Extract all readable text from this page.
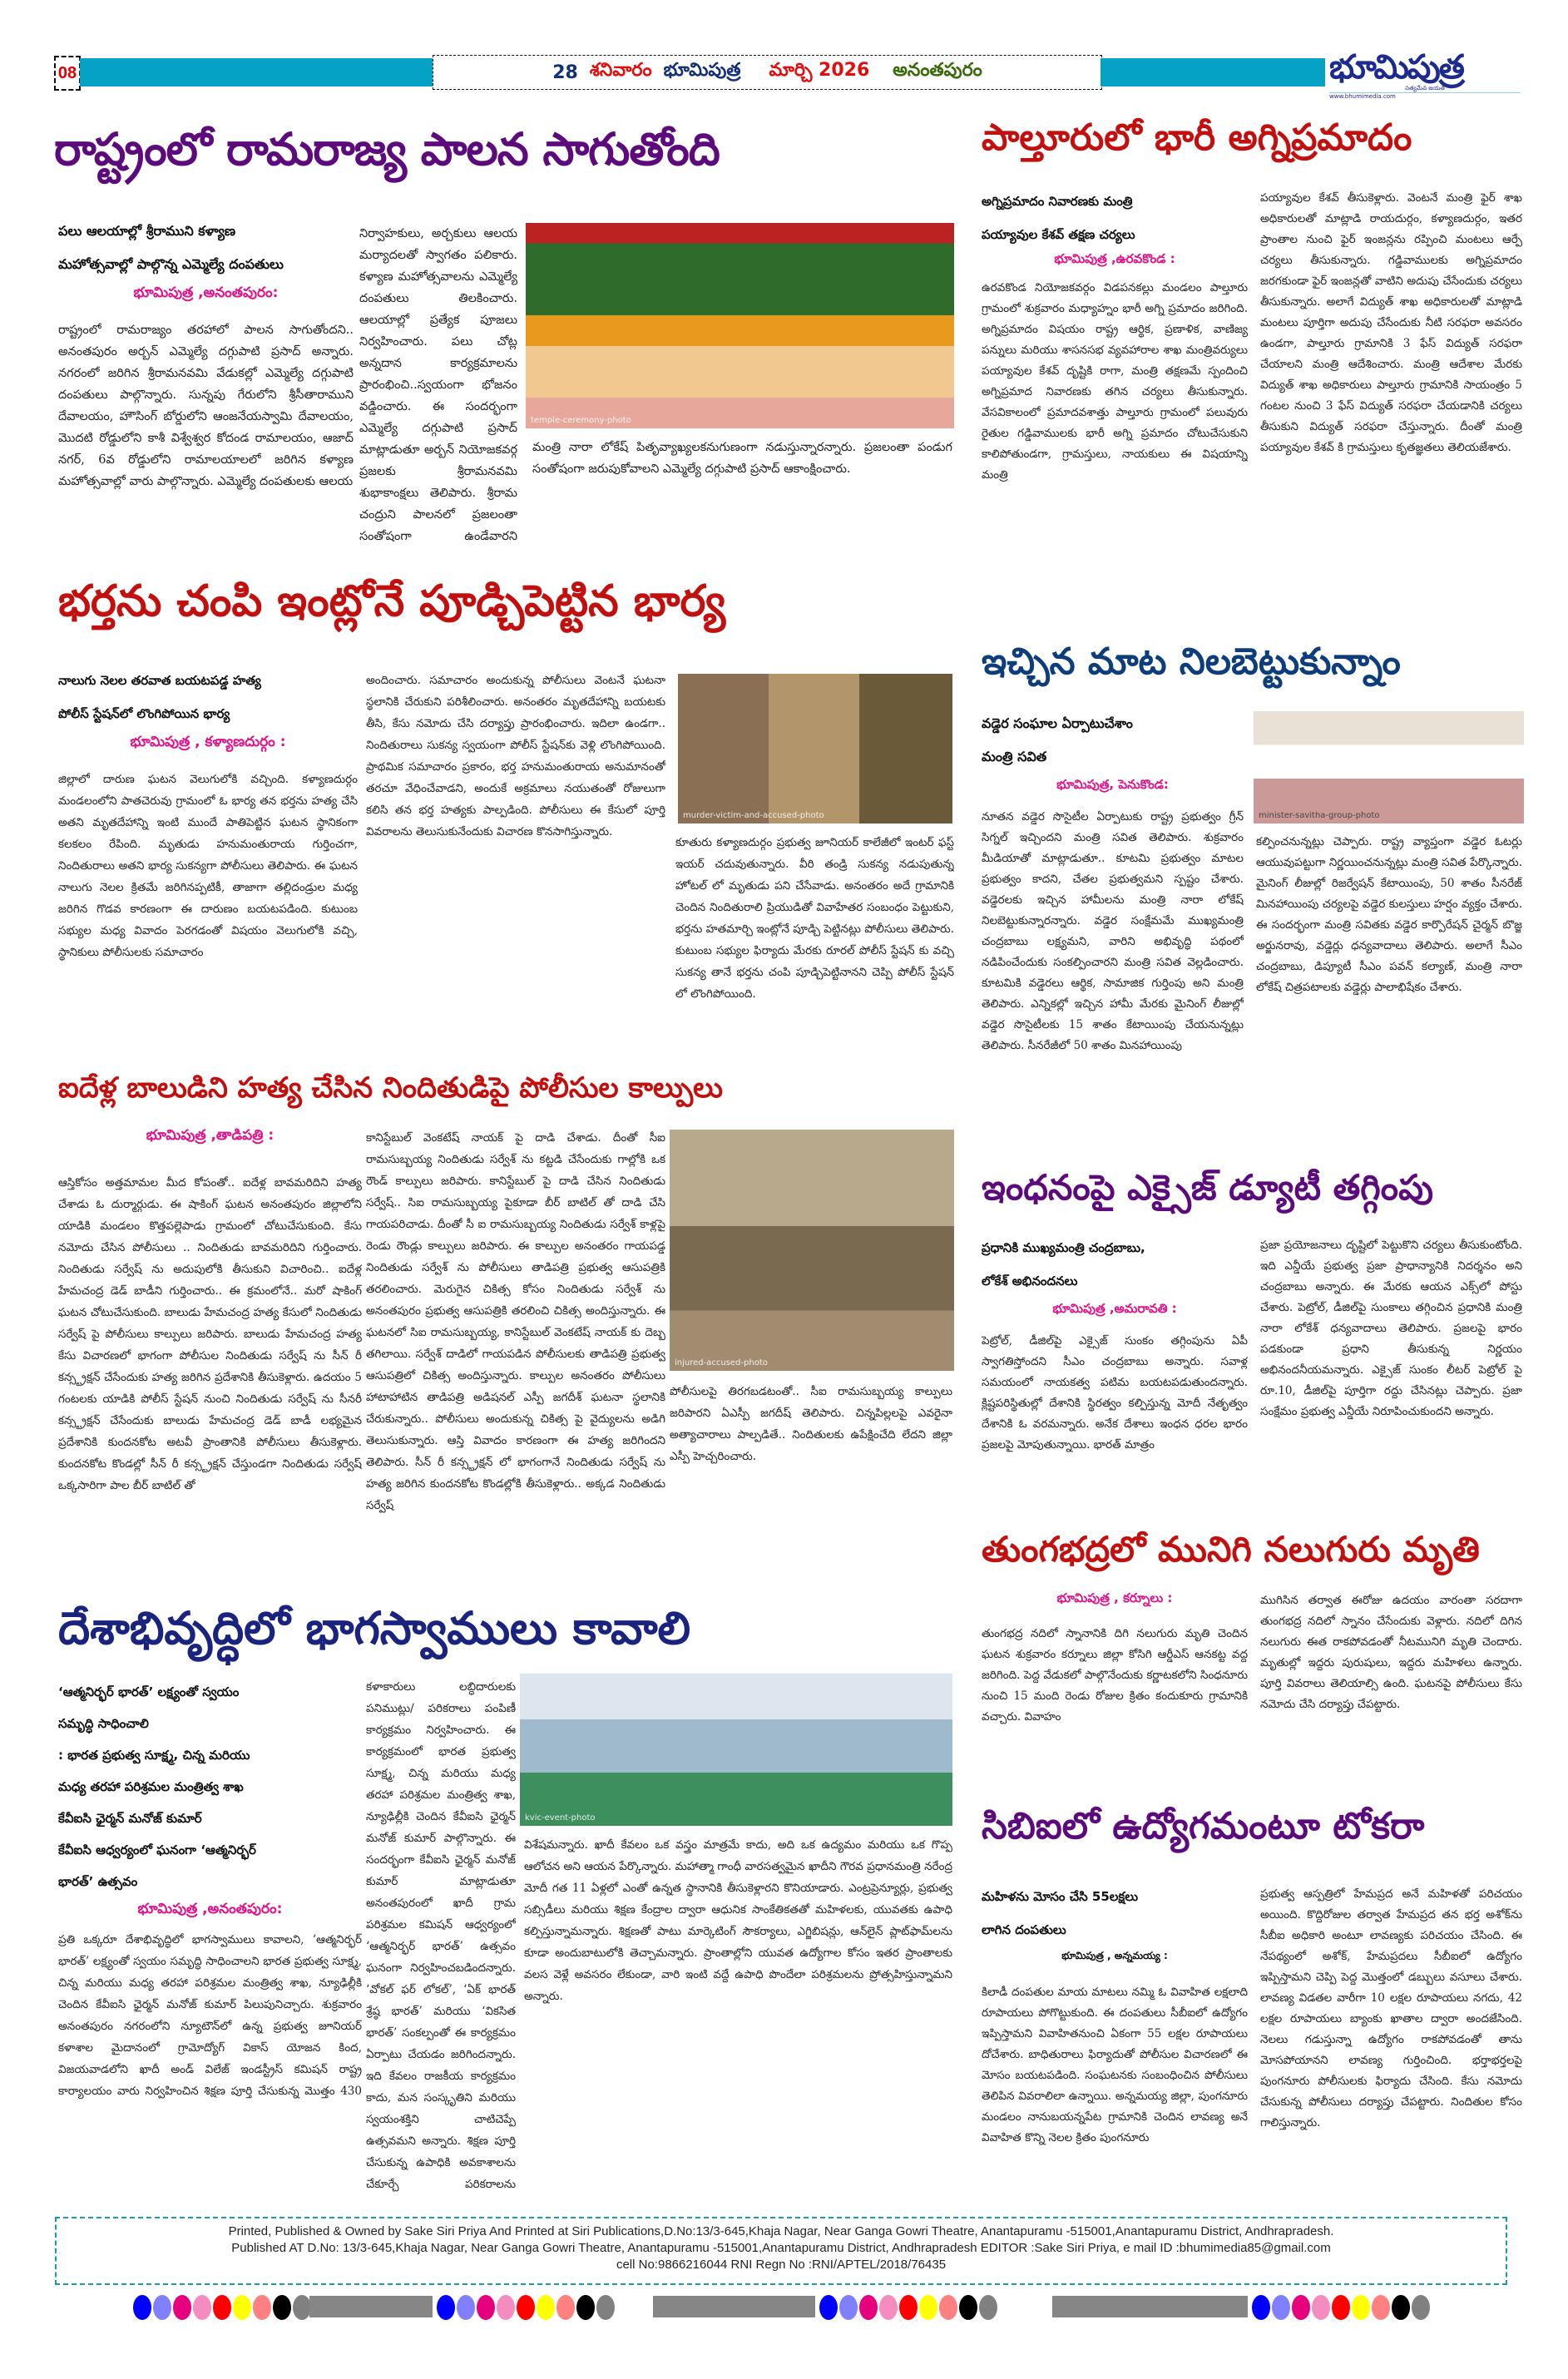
08	28 శనివారం భూమిపుత్ర మార్చి 2026 అనంతపురం	భూమిపుత్ర
సత్యమేవ జయతే
www.bhumimedia.com
రాష్ట్రంలో రామరాజ్య పాలన సాగుతోంది
పలు ఆలయాల్లో శ్రీరాముని కళ్యాణ
మహోత్సవాల్లో పాల్గొన్న ఎమ్మెల్యే దంపతులు
భూమిపుత్ర ,అనంతపురం:
రాష్ట్రంలో రామరాజ్యం తరహాలో పాలన సాగుతోందని.. అనంతపురం అర్బన్ ఎమ్మెల్యే దగ్గుపాటి ప్రసాద్ అన్నారు. నగరంలో జరిగిన శ్రీరామనవమి వేడుకల్లో ఎమ్మెల్యే దగ్గుపాటి దంపతులు పాల్గొన్నారు. సున్నపు గేరులోని శ్రీసీతారాముని దేవాలయం, హౌసింగ్ బోర్డులోని ఆంజనేయస్వామి దేవాలయం, మొదటి రోడ్డులోని కాశీ విశ్వేశ్వర కోదండ రామాలయం, ఆజాద్ నగర్, 6వ రోడ్డులోని రామాలయాలలో జరిగిన కళ్యాణ మహోత్సవాల్లో వారు పాల్గొన్నారు. ఎమ్మెల్యే దంపతులకు ఆలయ
నిర్వాహకులు, అర్చకులు ఆలయ మర్యాదలతో స్వాగతం పలికారు. కళ్యాణ మహోత్సవాలను ఎమ్మెల్యే దంపతులు తిలకించారు. ఆలయాల్లో ప్రత్యేక పూజలు నిర్వహించారు. పలు చోట్ల అన్నదాన కార్యక్రమాలను ప్రారంభించి..స్వయంగా భోజనం వడ్డించారు. ఈ సందర్భంగా ఎమ్మెల్యే దగ్గుపాటి ప్రసాద్ మాట్లాడుతూ అర్బన్ నియోజకవర్గ ప్రజలకు శ్రీరామనవమి శుభాకాంక్షలు తెలిపారు. శ్రీరామ చంద్రుని పాలనలో ప్రజలంతా సంతోషంగా ఉండేవారని
temple-ceremony-photo
మంత్రి నారా లోకేష్ పితృవ్యాఖ్యలకనుగుణంగా నడుస్తున్నారన్నారు. ప్రజలంతా పండుగ సంతోషంగా జరుపుకోవాలని ఎమ్మెల్యే దగ్గుపాటి ప్రసాద్ ఆకాంక్షించారు.
పాల్తూరులో భారీ అగ్నిప్రమాదం
అగ్నిప్రమాదం నివారణకు మంత్రి
పయ్యావుల కేశవ్ తక్షణ చర్యలు
భూమిపుత్ర ,ఉరవకొండ :
ఉరవకొండ నియోజకవర్గం విడపనకల్లు మండలం పాల్తూరు గ్రామంలో శుక్రవారం మధ్యాహ్నం భారీ అగ్ని ప్రమాదం జరిగింది. అగ్నిప్రమాదం విషయం రాష్ట్ర ఆర్థిక, ప్రణాళిక, వాణిజ్య పన్నులు మరియు శాసనసభ వ్యవహారాల శాఖ మంత్రివర్యులు పయ్యావుల కేశవ్ దృష్టికి రాగా, మంత్రి తక్షణమే స్పందించి అగ్నిప్రమాద నివారణకు తగిన చర్యలు తీసుకున్నారు. వేసవికాలంలో ప్రమాదవశాత్తు పాల్తూరు గ్రామంలో పలువురు రైతుల గడ్డివాములకు భారీ అగ్ని ప్రమాదం చోటుచేసుకుని కాలిపోతుండగా, గ్రామస్తులు, నాయకులు ఈ విషయాన్ని మంత్రి
పయ్యావుల కేశవ్ తీసుకెళ్లారు. వెంటనే మంత్రి ఫైర్ శాఖ అధికారులతో మాట్లాడి రాయదుర్గం, కళ్యాణదుర్గం, ఇతర ప్రాంతాల నుంచి ఫైర్ ఇంజన్లను రప్పించి మంటలు ఆర్పే చర్యలు తీసుకున్నారు. గడ్డివాములకు అగ్నిప్రమాదం జరగకుండా ఫైర్ ఇంజన్లతో వాటిని అదుపు చేసేందుకు చర్యలు తీసుకున్నారు. అలాగే విద్యుత్ శాఖ అధికారులతో మాట్లాడి మంటలు పూర్తిగా అదుపు చేసేందుకు నీటి సరఫరా అవసరం ఉండగా, పాల్తూరు గ్రామానికి 3 ఫేస్ విద్యుత్ సరఫరా చేయాలని మంత్రి ఆదేశించారు. మంత్రి ఆదేశాల మేరకు విద్యుత్ శాఖ అధికారులు పాల్తూరు గ్రామానికి సాయంత్రం 5 గంటల నుంచి 3 ఫేస్ విద్యుత్ సరఫరా చేయడానికి చర్యలు తీసుకుని విద్యుత్ సరఫరా చేస్తున్నారు. దీంతో మంత్రి పయ్యావుల కేశవ్ కి గ్రామస్తులు కృతజ్ఞతలు తెలియజేశారు.
భర్తను చంపి ఇంట్లోనే పూడ్చిపెట్టిన భార్య
నాలుగు నెలల తరవాత బయటపడ్డ హత్య
పోలీస్ స్టేషన్‌లో లొంగిపోయిన భార్య
భూమిపుత్ర , కళ్యాణదుర్గం :
జిల్లాలో దారుణ ఘటన వెలుగులోకి వచ్చింది. కళ్యాణదుర్గం మండలంలోని పాతచెరువు గ్రామంలో ఓ భార్య తన భర్తను హత్య చేసి అతని మృతదేహాన్ని ఇంటి ముందే పాతిపెట్టిన ఘటన స్థానికంగా కలకలం రేపింది. మృతుడు హనుమంతురాయ గుర్తించగా, నిందితురాలు అతని భార్య సుకన్యగా పోలీసులు తెలిపారు. ఈ ఘటన నాలుగు నెలల క్రితమే జరిగినప్పటికీ, తాజాగా తల్లిదండ్రుల మధ్య జరిగిన గొడవ కారణంగా ఈ దారుణం బయటపడింది. కుటుంబ సభ్యుల మధ్య వివాదం పెరగడంతో విషయం వెలుగులోకి వచ్చి, స్థానికులు పోలీసులకు సమాచారం
అందించారు. సమాచారం అందుకున్న పోలీసులు వెంటనే ఘటనా స్థలానికి చేరుకుని పరిశీలించారు. అనంతరం మృతదేహాన్ని బయటకు తీసి, కేసు నమోదు చేసి దర్యాప్తు ప్రారంభించారు. ఇదిలా ఉండగా.. నిందితురాలు సుకన్య స్వయంగా పోలీస్ స్టేషన్‌కు వెళ్లి లొంగిపోయింది. ప్రాథమిక సమాచారం ప్రకారం, భర్త హనుమంతురాయ అనుమానంతో తరచూ వేధించేవాడని, అందుకే అక్రమాలు నయుతంతో రోజులుగా కలిసి తన భర్త హత్యకు పాల్పడింది. పోలీసులు ఈ కేసులో పూర్తి వివరాలను తెలుసుకునేందుకు విచారణ కొనసాగిస్తున్నారు.
murder-victim-and-accused-photo
కూతురు కళ్యాణదుర్గం ప్రభుత్వ జూనియర్ కాలేజీలో ఇంటర్ ఫస్ట్ ఇయర్ చదువుతున్నారు. వీరి తండ్రి సుకన్య నడుపుతున్న హోటల్ లో మృతుడు పని చేసేవాడు. అనంతరం అదే గ్రామానికి చెందిన నిందితురాలి ప్రియుడితో వివాహేతర సంబంధం పెట్టుకుని, భర్తను హతమార్చి ఇంట్లోనే పూడ్చి పెట్టినట్లు పోలీసులు తెలిపారు. కుటుంబ సభ్యుల ఫిర్యాదు మేరకు రూరల్ పోలీస్ స్టేషన్ కు వచ్చి సుకన్య తానే భర్తను చంపి పూడ్చిపెట్టినానని చెప్పి పోలీస్ స్టేషన్ లో లొంగిపోయింది.
ఇచ్చిన మాట నిలబెట్టుకున్నాం
వడ్డెర సంఘాల ఏర్పాటుచేశాం
మంత్రి సవిత
భూమిపుత్ర, పెనుకొండ:
నూతన వడ్డెర సొసైటీల ఏర్పాటుకు రాష్ట్ర ప్రభుత్వం గ్రీన్ సిగ్నల్ ఇచ్చిందని మంత్రి సవిత తెలిపారు. శుక్రవారం మీడియాతో మాట్లాడుతూ.. కూటమి ప్రభుత్వం మాటల ప్రభుత్వం కాదని, చేతల ప్రభుత్వమని స్పష్టం చేశారు. వడ్డెరలకు ఇచ్చిన హామీలను మంత్రి నారా లోకేష్ నిలబెట్టుకున్నారన్నారు. వడ్డెర సంక్షేమమే ముఖ్యమంత్రి చంద్రబాబు లక్ష్యమని, వారిని అభివృద్ధి పథంలో నడిపించేందుకు సంకల్పించారని మంత్రి సవిత వెల్లడించారు. కూటమికి వడ్డెరలు ఆర్థిక, సామాజిక గుర్తింపు అని మంత్రి తెలిపారు. ఎన్నికల్లో ఇచ్చిన హామీ మేరకు మైనింగ్ లీజుల్లో వడ్డెర సొసైటీలకు 15 శాతం కేటాయింపు చేయనున్నట్లు తెలిపారు. సీనరేజీలో 50 శాతం మినహాయింపు
minister-savitha-group-photo
కల్పించనున్నట్లు చెప్పారు. రాష్ట్ర వ్యాప్తంగా వడ్డెర ఓటర్లు ఆయువుపట్టుగా నిర్ణయించనున్నట్లు మంత్రి సవిత పేర్కొన్నారు. మైనింగ్ లీజుల్లో రిజర్వేషన్ కేటాయింపు, 50 శాతం సీనరేజ్ మినహాయింపు చర్యలపై వడ్డెర కులస్తులు హర్షం వ్యక్తం చేశారు. ఈ సందర్భంగా మంత్రి సవితకు వడ్డెర కార్పొరేషన్ చైర్మన్ బొజ్జ అర్జునరావు, వడ్డెర్లు ధన్యవాదాలు తెలిపారు. అలాగే సీఎం చంద్రబాబు, డిప్యూటీ సీఎం పవన్ కల్యాణ్, మంత్రి నారా లోకేష్ చిత్రపటాలకు వడ్డెర్లు పాలాభిషేకం చేశారు.
ఐదేళ్ల బాలుడిని హత్య చేసిన నిందితుడిపై పోలీసుల కాల్పులు
భూమిపుత్ర ,తాడిపత్రి :
ఆస్తికోసం అత్తమామల మీద కోపంతో.. ఐదేళ్ల బావమరిదిని హత్య చేశాడు ఓ దుర్మార్గుడు. ఈ షాకింగ్ ఘటన అనంతపురం జిల్లాలోని యాడికి మండలం కొత్తపల్లెపాడు గ్రామంలో చోటుచేసుకుంది. కేసు నమోదు చేసిన పోలీసులు .. నిందితుడు బావమరిదిని గుర్తించారు. నిందితుడు సర్వేష్ ను అదుపులోకి తీసుకుని విచారించి.. ఐదేళ్ల హేమచంద్ర డెడ్ బాడీని గుర్తించారు.. ఈ క్రమంలోనే.. మరో షాకింగ్ ఘటన చోటుచేసుకుంది. బాలుడు హేమచంద్ర హత్య కేసులో నిందితుడు సర్వేష్ పై పోలీసులు కాల్పులు జరిపారు. బాలుడు హేమచంద్ర హత్య కేసు విచారణలో భాగంగా పోలీసుల నిందితుడు సర్వేష్ ను సీన్ రీ కన్స్ట్రక్షన్ చేసేందుకు హత్య జరిగిన ప్రదేశానికి తీసుకెళ్లారు. ఉదయం 5 గంటలకు యాడికి పోలీస్ స్టేషన్ నుంచి నిందితుడు సర్వేష్ ను సీనరీ కన్స్ట్రక్షన్ చేసేందుకు బాలుడు హేమచంద్ర డెడ్ బాడీ లభ్యమైన ప్రదేశానికి కుందనకోట అటవీ ప్రాంతానికి పోలీసులు తీసుకెళ్లారు. కుందనకోట కొండల్లో సీన్ రీ కన్స్ట్రక్షన్ చేస్తుండగా నిందితుడు సర్వేష్ ఒక్కసారిగా పాల బీర్ బాటిల్ తో
కానిస్టేబుల్ వెంకటేష్ నాయక్ పై దాడి చేశాడు. దీంతో సీఐ రామసుబ్బయ్య నిందితుడు సర్వేశ్ ను కట్టడి చేసేందుకు గాల్లోకి ఒక రౌండ్ కాల్పులు జరిపారు. కానిస్టేబుల్ పై దాడి చేసిన నిందితుడు సర్వేష్.. సిఐ రామసుబ్బయ్య పైకూడా బీర్ బాటిల్ తో దాడి చేసి గాయపరిచాడు. దీంతో సీ ఐ రామసుబ్బయ్య నిందితుడు సర్వేశ్ కాళ్లపై రెండు రౌండ్లు కాల్పులు జరిపారు. ఈ కాల్పుల అనంతరం గాయపడ్డ నిందితుడు సర్వేశ్ ను పోలీసులు తాడిపత్రి ప్రభుత్వ ఆసుపత్రికి తరలించారు. మెరుగైన చికిత్స కోసం నిందితుడు సర్వేశ్ ను అనంతపురం ప్రభుత్వ ఆసుపత్రికి తరలించి చికిత్స అందిస్తున్నారు. ఈ ఘటనలో సిఐ రామసుబ్బయ్య, కానిస్టేబుల్ వెంకటేష్ నాయక్ కు దెబ్బ తగిలాయి. సర్వేశ్ దాడిలో గాయపడిన పోలీసులకు తాడిపత్రి ప్రభుత్వ ఆసుపత్రిలో చికిత్స అందిస్తున్నారు. కాల్పుల అనంతరం పోలీసులు హాటాహాటిన తాడిపత్రి అడిషనల్ ఎస్పీ జగదీశ్ ఘటనా స్థలానికి చేరుకున్నారు.. పోలీసులు అందుకున్న చికిత్స పై వైద్యులను అడిగి తెలుసుకున్నారు. ఆస్తి వివాదం కారణంగా ఈ హత్య జరిగిందని తెలిపారు. సీన్ రీ కన్స్ట్రక్షన్ లో భాగంగానే నిందితుడు సర్వేష్ ను హత్య జరిగిన కుందనకోట కొండల్లోకి తీసుకెళ్లారు.. అక్కడ నిందితుడు సర్వేష్
injured-accused-photo
పోలీసులపై తిరగబడటంతో.. సీఐ రామసుబ్బయ్య కాల్పులు జరిపారని ఏఎస్పీ జగదీష్ తెలిపారు. చిన్నపిల్లలపై ఎవరైనా అత్యాచారాలు పాల్పడితే.. నిందితులకు ఉపేక్షించేది లేదని జిల్లా ఎస్పీ హెచ్చరించారు.
ఇంధనంపై ఎక్సైజ్ డ్యూటీ తగ్గింపు
ప్రధానికి ముఖ్యమంత్రి చంద్రబాబు,
లోకేశ్ అభినందనలు
భూమిపుత్ర ,అమరావతి :
పెట్రోల్, డీజిల్‌పై ఎక్సైజ్ సుంకం తగ్గింపును ఏపీ స్వాగతిస్తోందని సీఎం చంద్రబాబు అన్నారు. సవాళ్ల సమయంలో నాయకత్వ పటిమ బయటపడుతుందన్నారు. క్లిష్టపరిస్థితుల్లో దేశానికి స్థిరత్వం కల్పిస్తున్న మోదీ నేతృత్వం దేశానికి ఓ వరమన్నారు. అనేక దేశాలు ఇంధన ధరల భారం ప్రజలపై మోపుతున్నాయి. భారత్ మాత్రం
ప్రజా ప్రయోజనాలు దృష్టిలో పెట్టుకొని చర్యలు తీసుకుంటోంది. ఇది ఎన్డీయే ప్రభుత్వ ప్రజా ప్రాధాన్యానికి నిదర్శనం అని చంద్రబాబు అన్నారు. ఈ మేరకు ఆయన ఎక్స్‌లో పోస్టు చేశారు. పెట్రోల్, డీజిల్‌పై సుంకాలు తగ్గించిన ప్రధానికి మంత్రి నారా లోకేశ్ ధన్యవాదాలు తెలిపారు. ప్రజలపై భారం పడకుండా ప్రధాని తీసుకున్న నిర్ణయం అభినందనీయమన్నారు. ఎక్సైజ్ సుంకం లీటర్ పెట్రోల్ పై రూ.10, డీజిల్‌పై పూర్తిగా రద్దు చేసినట్లు చెప్పారు. ప్రజా సంక్షేమం ప్రభుత్వ ఎన్డీయే నిరూపించుకుందని అన్నారు.
తుంగభద్రలో మునిగి నలుగురు మృతి
భూమిపుత్ర , కర్నూలు :
తుంగభద్ర నదిలో స్నానానికి దిగి నలుగురు మృతి చెందిన ఘటన శుక్రవారం కర్నూలు జిల్లా కోసిగి ఆర్డీఎస్ ఆనకట్ట వద్ద జరిగింది. పెద్ద వేడుకలో పాల్గొనేందుకు కర్ణాటకలోని సింధనూరు నుంచి 15 మంది రెండు రోజుల క్రితం కందుకూరు గ్రామానికి వచ్చారు. వివాహం
ముగిసిన తర్వాత ఈరోజు ఉదయం వారంతా సరదాగా తుంగభద్ర నదిలో స్నానం చేసేందుకు వెళ్లారు. నదిలో దిగిన నలుగురు ఈత రాకపోవడంతో నీటమునిగి మృతి చెందారు. మృతుల్లో ఇద్దరు పురుషులు, ఇద్దరు మహిళలు ఉన్నారు. పూర్తి వివరాలు తెలియాల్సి ఉంది. ఘటనపై పోలీసులు కేసు నమోదు చేసి దర్యాప్తు చేపట్టారు.
దేశాభివృద్ధిలో భాగస్వాములు కావాలి
‘ఆత్మనిర్భర్ భారత్’ లక్ష్యంతో స్వయం
సమృద్ధి సాధించాలి
: భారత ప్రభుత్వ సూక్ష్మ, చిన్న మరియు
మధ్య తరహా పరిశ్రమల మంత్రిత్వ శాఖ
కేవీఐసి ఛైర్మన్ మనోజ్ కుమార్
కేవీఐసి ఆధ్వర్యంలో ఘనంగా ‘ఆత్మనిర్భర్
భారత్’ ఉత్సవం
భూమిపుత్ర ,అనంతపురం:
ప్రతి ఒక్కరూ దేశాభివృద్ధిలో భాగస్వాములు కావాలని, ‘ఆత్మనిర్భర్ భారత్’ లక్ష్యంతో స్వయం సమృద్ధి సాధించాలని భారత ప్రభుత్వ సూక్ష్మ, చిన్న మరియు మధ్య తరహా పరిశ్రమల మంత్రిత్వ శాఖ, న్యూఢిల్లీకి చెందిన కేవీఐసి ఛైర్మన్ మనోజ్ కుమార్ పిలుపునిచ్చారు. శుక్రవారం అనంతపురం నగరంలోని న్యూటౌన్‌లో ఉన్న ప్రభుత్వ జూనియర్ కళాశాల మైదానంలో గ్రామోద్యోగ్ వికాస్ యోజన కింద, విజయవాడలోని ఖాదీ అండ్ విలేజ్ ఇండస్ట్రీస్ కమిషన్ రాష్ట్ర కార్యాలయం వారు నిర్వహించిన శిక్షణ పూర్తి చేసుకున్న మొత్తం 430
కళాకారులు లబ్ధిదారులకు పనిముట్లు/ పరికరాలు పంపిణీ కార్యక్రమం నిర్వహించారు. ఈ కార్యక్రమంలో భారత ప్రభుత్వ సూక్ష్మ, చిన్న మరియు మధ్య తరహా పరిశ్రమల మంత్రిత్వ శాఖ, న్యూఢిల్లీకి చెందిన కేవీఐసి ఛైర్మన్ మనోజ్ కుమార్ పాల్గొన్నారు. ఈ సందర్భంగా కేవీఐసి ఛైర్మన్ మనోజ్ కుమార్ మాట్లాడుతూ అనంతపురంలో ఖాదీ గ్రామ పరిశ్రమల కమిషన్ ఆధ్వర్యంలో ‘ఆత్మనిర్భర్ భారత్’ ఉత్సవం ఘనంగా నిర్వహించబడిందన్నారు. ‘వోకల్ ఫర్ లోకల్’, ‘ఏక్ భారత్ శ్రేష్ఠ భారత్’ మరియు ‘వికసిత భారత్’ సంకల్పంతో ఈ కార్యక్రమం ఏర్పాటు చేయడం జరిగిందన్నారు. ఇది కేవలం రాజకీయ కార్యక్రమం కాదు, మన సంస్కృతిని మరియు స్వయంశక్తిని చాటిచెప్పే ఉత్సవమని అన్నారు. శిక్షణ పూర్తి చేసుకున్న ఉపాధికి అవకాశాలను చేకూర్చే పరికరాలను
kvic-event-photo
విశేషమన్నారు. ఖాదీ కేవలం ఒక వస్త్రం మాత్రమే కాదు, అది ఒక ఉద్యమం మరియు ఒక గొప్ప ఆలోచన అని ఆయన పేర్కొన్నారు. మహాత్మా గాంధీ వారసత్వమైన ఖాదీని గౌరవ ప్రధానమంత్రి నరేంద్ర మోదీ గత 11 ఏళ్లలో ఎంతో ఉన్నత స్థానానికి తీసుకెళ్లారని కొనియాడారు. ఎంట్రప్రెన్యూర్లు, ప్రభుత్వ సబ్సిడీలు మరియు శిక్షణ కేంద్రాల ద్వారా ఆధునిక సాంకేతికతతో మహిళలకు, యువతకు ఉపాధి కల్పిస్తున్నామన్నారు. శిక్షణతో పాటు మార్కెటింగ్ సౌకర్యాలు, ఎగ్జిబిషన్లు, ఆన్‌లైన్ ప్లాట్‌ఫామ్‌లను కూడా అందుబాటులోకి తెచ్చామన్నారు. ప్రాంతాల్లోని యువత ఉద్యోగాల కోసం ఇతర ప్రాంతాలకు వలస వెళ్లే అవసరం లేకుండా, వారి ఇంటి వద్దే ఉపాధి పొందేలా పరిశ్రమలను ప్రోత్సహిస్తున్నామని అన్నారు.
సిబిఐలో ఉద్యోగమంటూ టోకరా
మహిళను మోసం చేసి 55లక్షలు
లాగిన దంపతులు
భూమిపుత్ర , అన్నమయ్య :
కిలాడీ దంపతుల మాయ మాటలు నమ్మి ఓ వివాహిత లక్షలాది రూపాయలు పోగొట్టుకుంది. ఈ దంపతులు సీబీఐలో ఉద్యోగం ఇప్పిస్తామని వివాహితనుంచి ఏకంగా 55 లక్షల రూపాయలు దోచేశారు. బాధితురాలు ఫిర్యాదుతో పోలీసుల విచారణలో ఈ మోసం బయటపడింది. సంఘటనకు సంబంధించిన పోలీసులు తెలిపిన వివరాలిలా ఉన్నాయి. అన్నమయ్య జిల్లా, పుంగనూరు మండలం నానుబయన్నపేట గ్రామానికి చెందిన లావణ్య అనే వివాహిత కొన్ని నెలల క్రితం పుంగనూరు
ప్రభుత్వ ఆస్పత్రిలో హేమప్రద అనే మహిళతో పరిచయం అయింది. కొద్దిరోజుల తర్వాత హేమప్రద తన భర్త అశోక్‌ను సీబీఐ అధికారి అంటూ లావణ్యకు పరిచయం చేసింది. ఈ నేపథ్యంలో అశోక్, హేమప్రదలు సీబీఐలో ఉద్యోగం ఇప్పిస్తామని చెప్పి పెద్ద మొత్తంలో డబ్బులు వసూలు చేశారు. లావణ్య విడతల వారీగా 10 లక్షల రూపాయలు నగదు, 42 లక్షల రూపాయలు బ్యాంకు ఖాతాల ద్వారా అందజేసింది. నెలలు గడుస్తున్నా ఉద్యోగం రాకపోవడంతో తాను మోసపోయానని లావణ్య గుర్తించింది. భర్తాభర్తలపై పుంగనూరు పోలీసులకు ఫిర్యాదు చేసింది. కేసు నమోదు చేసుకున్న పోలీసులు దర్యాప్తు చేపట్టారు. నిందితుల కోసం గాలిస్తున్నారు.
Printed, Published & Owned by Sake Siri Priya And Printed at Siri Publications,D.No:13/3-645,Khaja Nagar, Near Ganga Gowri Theatre, Anantapuramu -515001,Anantapuramu District, Andhrapradesh.
Published AT D.No: 13/3-645,Khaja Nagar, Near Ganga Gowri Theatre, Anantapuramu -515001,Anantapuramu District, Andhrapradesh EDITOR :Sake Siri Priya, e mail ID :bhumimedia85@gmail.com
cell No:9866216044 RNI Regn No :RNI/APTEL/2018/76435
